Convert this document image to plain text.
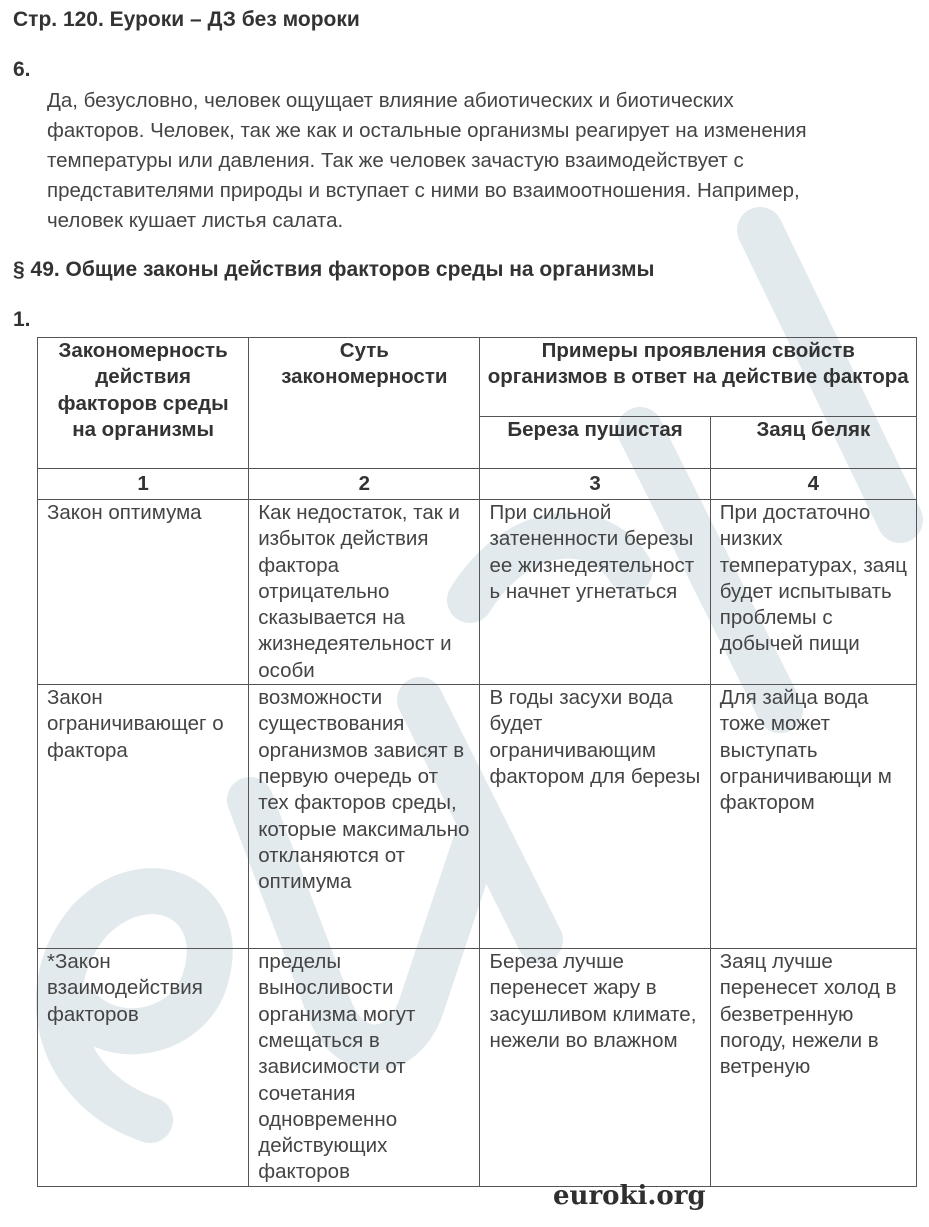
Стр. 120. Еуроки – ДЗ без мороки
6.
Да, безусловно, человек ощущает влияние абиотических и биотических
факторов. Человек, так же как и остальные организмы реагирует на изменения
температуры или давления. Так же человек зачастую взаимодействует с
представителями природы и вступает с ними во взаимоотношения. Например,
человек кушает листья салата.
§ 49. Общие законы действия факторов среды на организмы
1.
Закономерность действия факторов среды на организмы	Суть закономерности	Примеры проявления свойств организмов в ответ на действие фактора	
		Береза пушистая	Заяц беляк
1	2	3	4
Закон оптимума	Как недостаток, так и избыток действия фактора отрицательно сказывается на жизнедеятельност и особи	При сильной затененности березы ее жизнедеятельност ь начнет угнетаться	При достаточно низких температурах, заяц будет испытывать проблемы с добычей пищи
Закон ограничивающег о фактора	возможности существования организмов зависят в первую очередь от тех факторов среды, которые максимально откланяются от оптимума	В годы засухи вода будет ограничивающим фактором для березы	Для зайца вода тоже может выступать ограничивающи м фактором
*Закон взаимодействия факторов	пределы выносливости организма могут смещаться в зависимости от сочетания одновременно действующих факторов	Береза лучше перенесет жару в засушливом климате, нежели во влажном	Заяц лучше перенесет холод в безветренную погоду, нежели в ветреную
euroki.org
